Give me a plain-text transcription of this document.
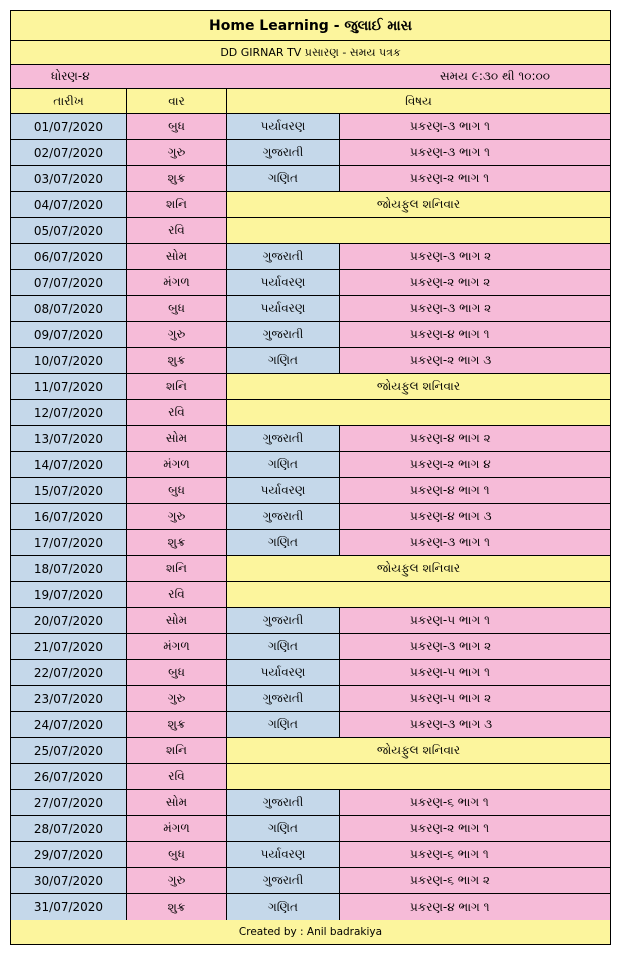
Home Learning - જુલાઈ માસ
DD GIRNAR TV પ્રસારણ - સમય પત્રક
ધોરણ-૪	સમય ૯:૩૦ થી ૧૦:૦૦
તારીખ	વાર	વિષય
01/07/2020	બુધ	પર્યાવરણ	પ્રકરણ-૩ ભાગ ૧
02/07/2020	ગુરુ	ગુજરાતી	પ્રકરણ-૩ ભાગ ૧
03/07/2020	શુક્ર	ગણિત	પ્રકરણ-૨ ભાગ ૧
04/07/2020	શનિ	જોયફુલ શનિવાર
05/07/2020	રવિ
06/07/2020	સોમ	ગુજરાતી	પ્રકરણ-૩ ભાગ ૨
07/07/2020	મંગળ	પર્યાવરણ	પ્રકરણ-૨ ભાગ ૨
08/07/2020	બુધ	પર્યાવરણ	પ્રકરણ-૩ ભાગ ૨
09/07/2020	ગુરુ	ગુજરાતી	પ્રકરણ-૪ ભાગ ૧
10/07/2020	શુક્ર	ગણિત	પ્રકરણ-૨ ભાગ ૩
11/07/2020	શનિ	જોયફુલ શનિવાર
12/07/2020	રવિ
13/07/2020	સોમ	ગુજરાતી	પ્રકરણ-૪ ભાગ ૨
14/07/2020	મંગળ	ગણિત	પ્રકરણ-૨ ભાગ ૪
15/07/2020	બુધ	પર્યાવરણ	પ્રકરણ-૪ ભાગ ૧
16/07/2020	ગુરુ	ગુજરાતી	પ્રકરણ-૪ ભાગ ૩
17/07/2020	શુક્ર	ગણિત	પ્રકરણ-૩ ભાગ ૧
18/07/2020	શનિ	જોયફુલ શનિવાર
19/07/2020	રવિ
20/07/2020	સોમ	ગુજરાતી	પ્રકરણ-૫ ભાગ ૧
21/07/2020	મંગળ	ગણિત	પ્રકરણ-૩ ભાગ ૨
22/07/2020	બુધ	પર્યાવરણ	પ્રકરણ-૫ ભાગ ૧
23/07/2020	ગુરુ	ગુજરાતી	પ્રકરણ-૫ ભાગ ૨
24/07/2020	શુક્ર	ગણિત	પ્રકરણ-૩ ભાગ ૩
25/07/2020	શનિ	જોયફુલ શનિવાર
26/07/2020	રવિ
27/07/2020	સોમ	ગુજરાતી	પ્રકરણ-૬ ભાગ ૧
28/07/2020	મંગળ	ગણિત	પ્રકરણ-૨ ભાગ ૧
29/07/2020	બુધ	પર્યાવરણ	પ્રકરણ-૬ ભાગ ૧
30/07/2020	ગુરુ	ગુજરાતી	પ્રકરણ-૬ ભાગ ૨
31/07/2020	શુક્ર	ગણિત	પ્રકરણ-૪ ભાગ ૧
Created by : Anil badrakiya
